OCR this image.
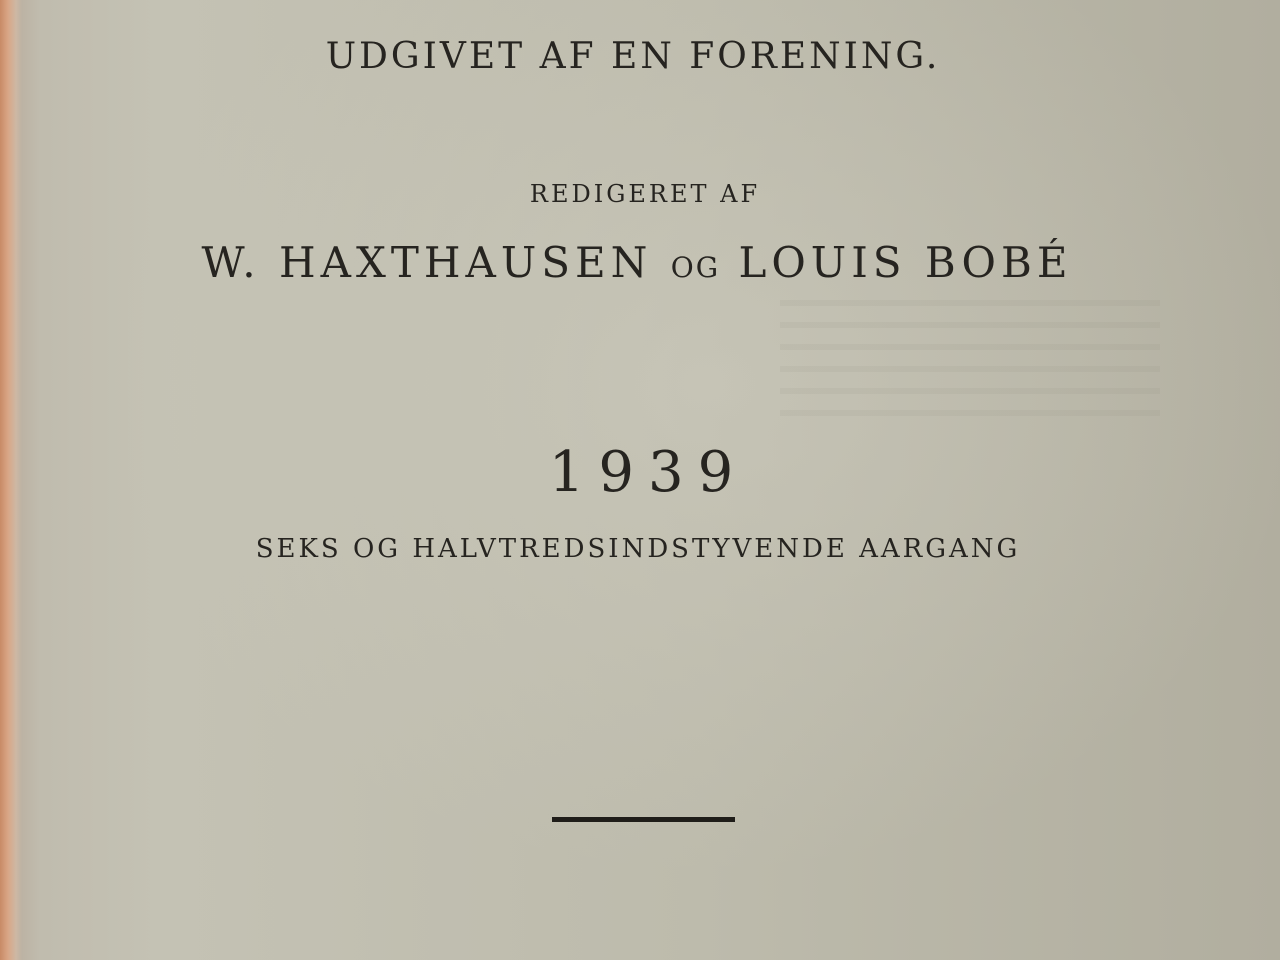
UDGIVET AF EN FORENING.
REDIGERET AF
W. HAXTHAUSEN OG LOUIS BOBÉ
1939
SEKS OG HALVTREDSINDSTYVENDE AARGANG
